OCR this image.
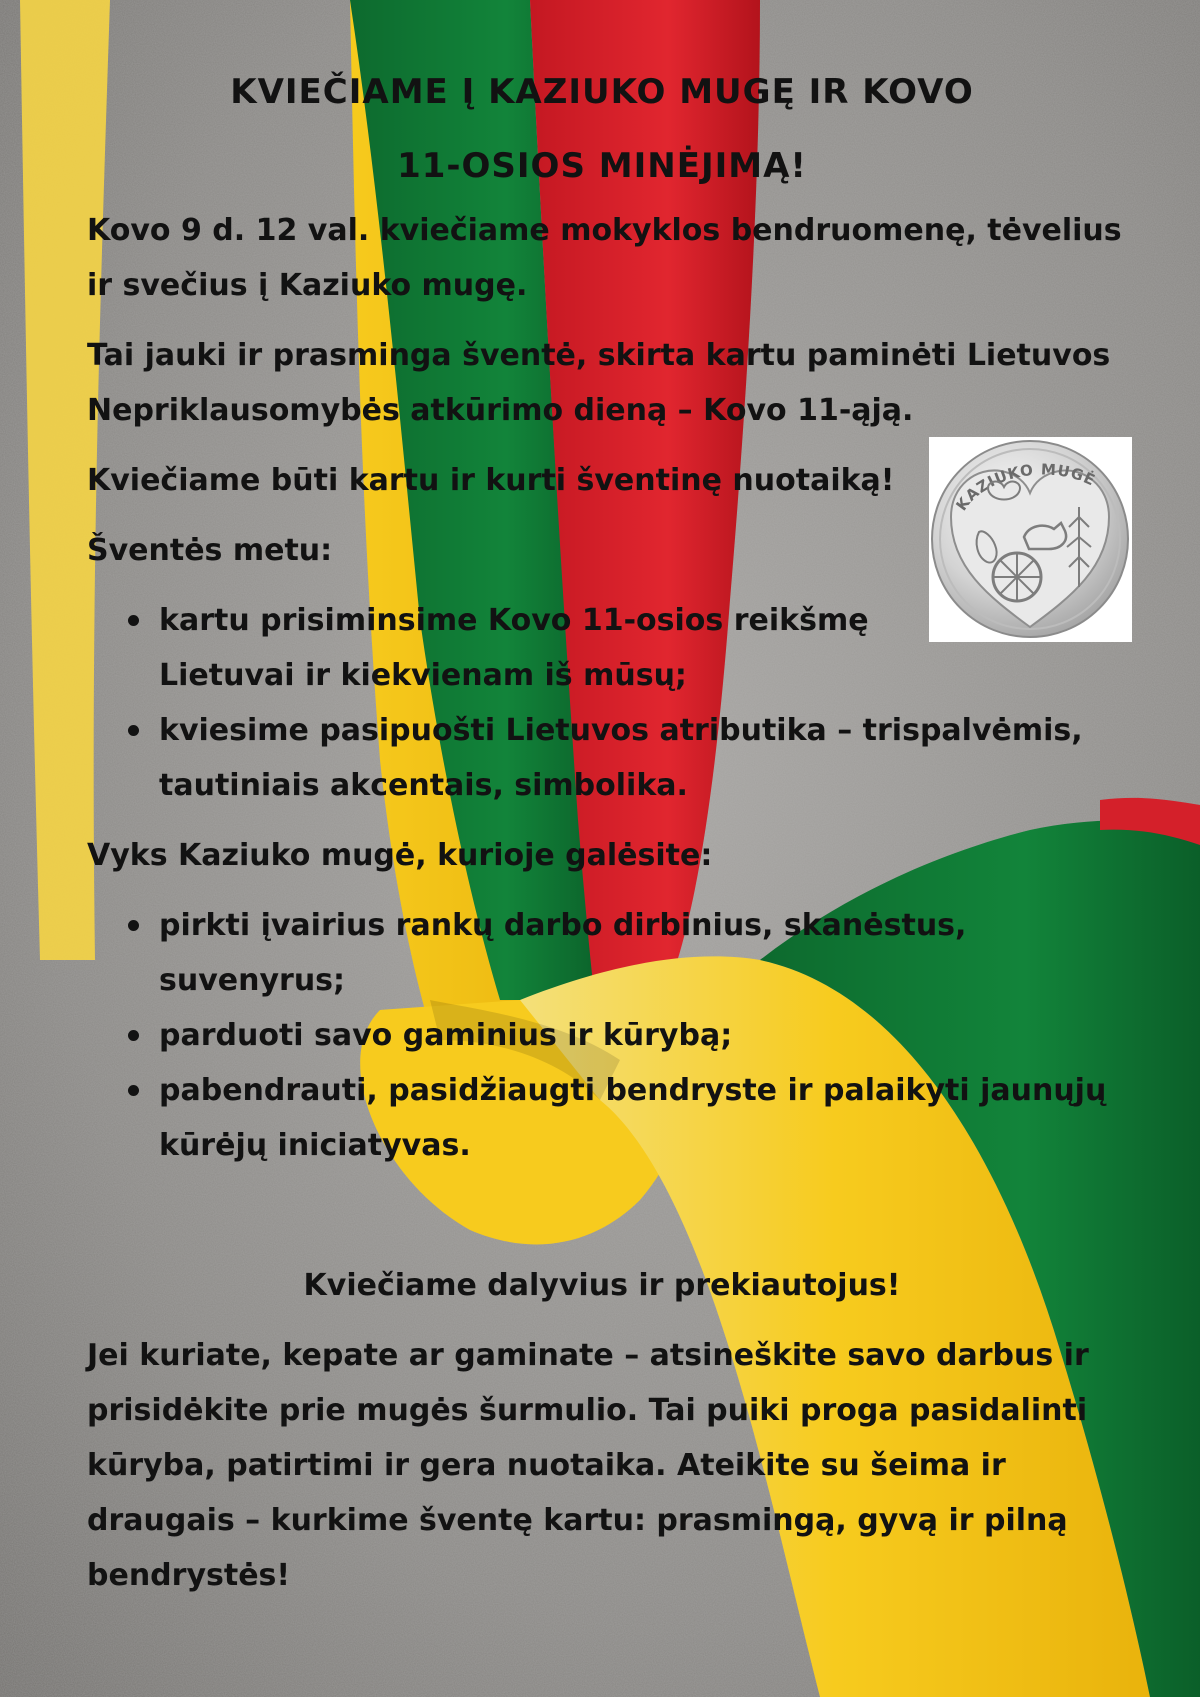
KVIEČIAME Į KAZIUKO MUGĘ IR KOVO
11-OSIOS MINĖJIMĄ!

Kovo 9 d. 12 val. kviečiame mokyklos bendruomenę, tėvelius ir svečius į Kaziuko mugę.

Tai jauki ir prasminga šventė, skirta kartu paminėti Lietuvos Nepriklausomybės atkūrimo dieną – Kovo 11-ąją.

Kviečiame būti kartu ir kurti šventinę nuotaiką!

Šventės metu:

kartu prisiminsime Kovo 11-osios reikšmę Lietuvai ir kiekvienam iš mūsų;
kviesime pasipuošti Lietuvos atributika – trispalvėmis, tautiniais akcentais, simbolika.

Vyks Kaziuko mugė, kurioje galėsite:

pirkti įvairius rankų darbo dirbinius, skanėstus, suvenyrus;
parduoti savo gaminius ir kūrybą;
pabendrauti, pasidžiaugti bendryste ir palaikyti jaunųjų kūrėjų iniciatyvas.

Kviečiame dalyvius ir prekiautojus!

Jei kuriate, kepate ar gaminate – atsineškite savo darbus ir prisidėkite prie mugės šurmulio. Tai puiki proga pasidalinti kūryba, patirtimi ir gera nuotaika. Ateikite su šeima ir draugais – kurkime šventę kartu: prasmingą, gyvą ir pilną bendrystės!

KAZIUKO MUGĖ
